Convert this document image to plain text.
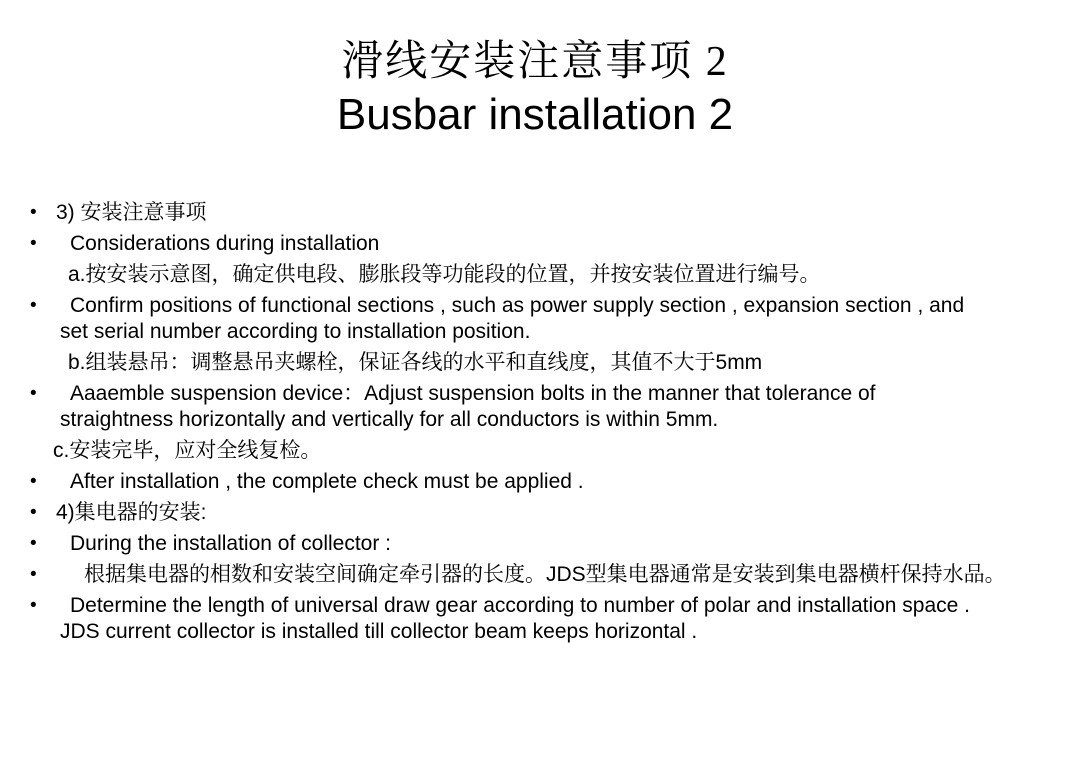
滑线安装注意事项 2
Busbar installation 2
• 3) 安装注意事项
• Considerations during installation
a.按安装示意图，确定供电段、膨胀段等功能段的位置，并按安装位置进行编号。
• Confirm positions of functional sections , such as power supply section , expansion section , and
set serial number according to installation position.
b.组装悬吊：调整悬吊夹螺栓，保证各线的水平和直线度，其值不大于5mm
• Aaaemble suspension device：Adjust suspension bolts in the manner that tolerance of
straightness horizontally and vertically for all conductors is within 5mm.
c.安装完毕，应对全线复检。
• After installation , the complete check must be applied .
• 4)集电器的安装:
• During the installation of collector :
• 根据集电器的相数和安装空间确定牵引器的长度。JDS型集电器通常是安装到集电器横杆保持水品。
• Determine the length of universal draw gear according to number of polar and installation space .
JDS current collector is installed till collector beam keeps horizontal .
